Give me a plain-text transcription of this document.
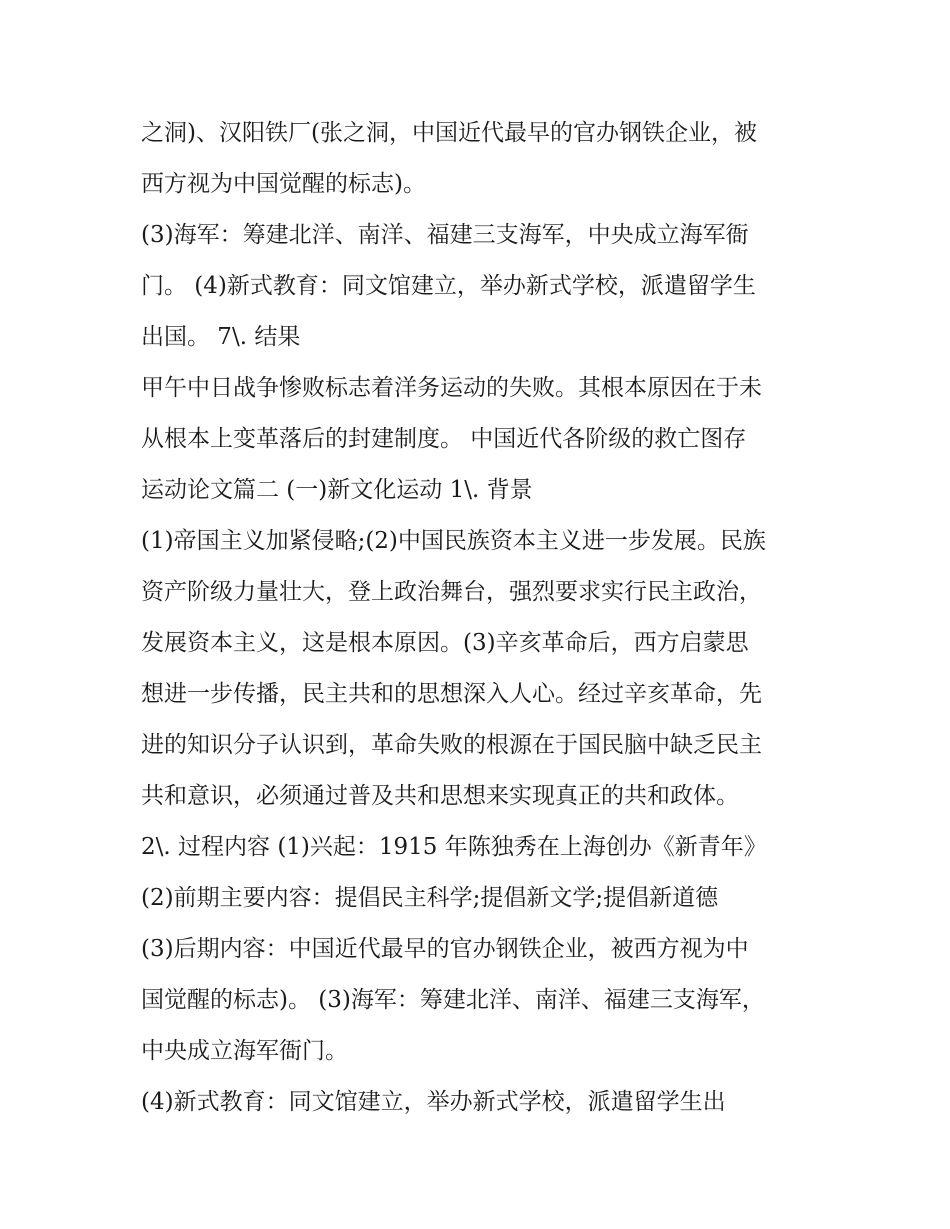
之洞)、汉阳铁厂(张之洞，中国近代最早的官办钢铁企业，被
西方视为中国觉醒的标志)。
(3)海军：筹建北洋、南洋、福建三支海军，中央成立海军衙
门。 (4)新式教育：同文馆建立，举办新式学校，派遣留学生
出国。 7\. 结果
甲午中日战争惨败标志着洋务运动的失败。其根本原因在于未
从根本上变革落后的封建制度。 中国近代各阶级的救亡图存
运动论文篇二 (一)新文化运动 1\. 背景
(1)帝国主义加紧侵略;(2)中国民族资本主义进一步发展。民族
资产阶级力量壮大，登上政治舞台，强烈要求实行民主政治，
发展资本主义，这是根本原因。(3)辛亥革命后，西方启蒙思
想进一步传播，民主共和的思想深入人心。经过辛亥革命，先
进的知识分子认识到，革命失败的根源在于国民脑中缺乏民主
共和意识，必须通过普及共和思想来实现真正的共和政体。
2\. 过程内容 (1)兴起：1915 年陈独秀在上海创办《新青年》
(2)前期主要内容：提倡民主科学;提倡新文学;提倡新道德
(3)后期内容：中国近代最早的官办钢铁企业，被西方视为中
国觉醒的标志)。 (3)海军：筹建北洋、南洋、福建三支海军，
中央成立海军衙门。
(4)新式教育：同文馆建立，举办新式学校，派遣留学生出
